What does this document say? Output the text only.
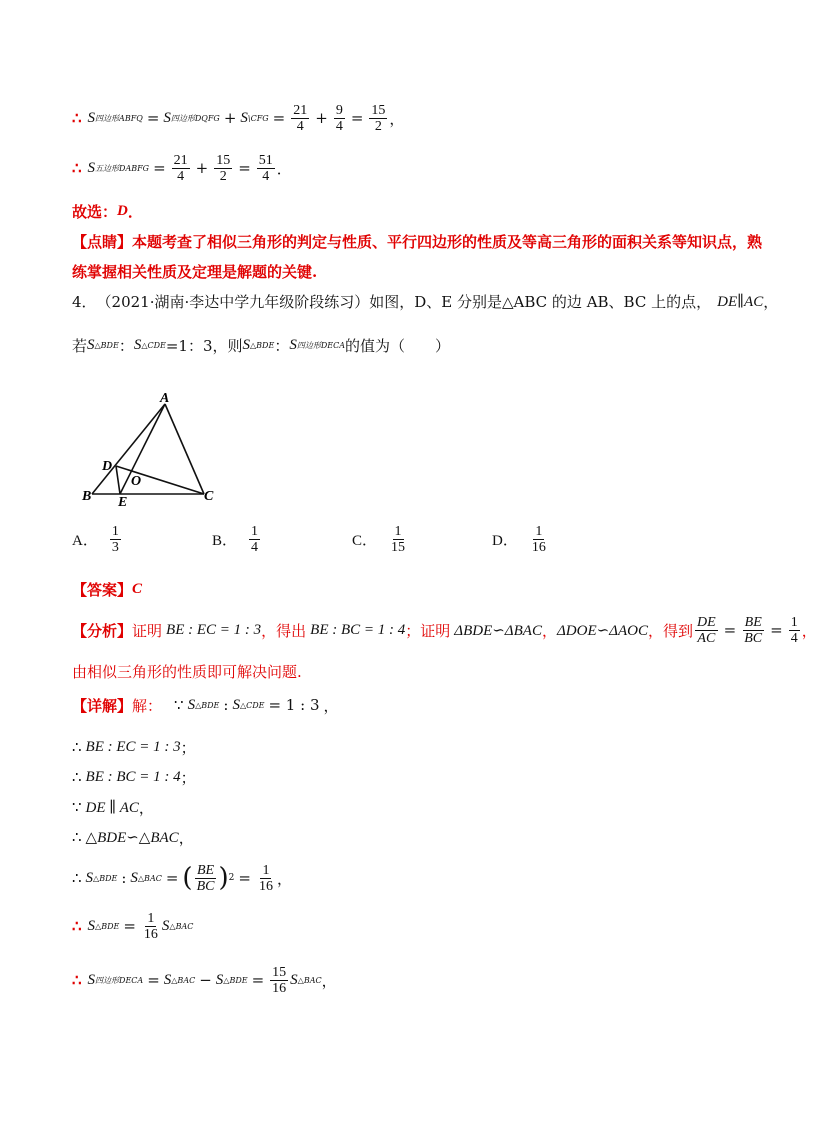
∴ S 四边形ABFQ = S 四边形DQFG + S \CFG = $\frac{21}{4} + \frac{9}{4} = \frac{15}{2}$ ，
∴ S 五边形DABFG = $\frac{21}{4} + \frac{15}{2} = \frac{51}{4}$ ．
故选： D ．
【点睛】 本题考查了相似三角形的判定与性质、平行四边形的性质及等高三角形的面积关系等知识点，熟
练掌握相关性质及定理是解题的关键.
4． （2021·湖南·李达中学九年级阶段练习）如图， D、E 分别是△ABC 的边 AB、BC 上的点， DE∥AC ，
若 S △BDE ： S △CDE =1：3，则 S △BDE ： S 四边形DECA 的值为（　　）
A
D
O
B E	C
A． $\frac{1}{3}$	B． $\frac{1}{4}$	C． $\frac{1}{15}$	D． $\frac{1}{16}$
【答案】 C
【分析】 证明 BE : EC = 1 : 3 ，得出 BE : BC = 1 : 4 ；证明 ΔBDE∽ΔBAC ， ΔDOE∽ΔAOC ，得到 $\frac{DE}{AC} = \frac{BE}{BC} = \frac{1}{4}$ ，
由相似三角形的性质即可解决问题.
【详解】 解： ∵ S △BDE : S △CDE = 1 : 3 ，
∴ BE : EC = 1 : 3 ；
∴ BE : BC = 1 : 4 ；
∵ DE ∥ AC ，
∴ △BDE∽△BAC ，
∴ S △BDE : S △BAC = ( $\frac{BE}{BC}$ ) $2 = \frac{1}{16}$ ，
∴ S △BDE = $\frac{1}{16}$ S △BAC
∴ S 四边形DECA = S △BAC − S △BDE = $\frac{15}{16}$ S △BAC ，
